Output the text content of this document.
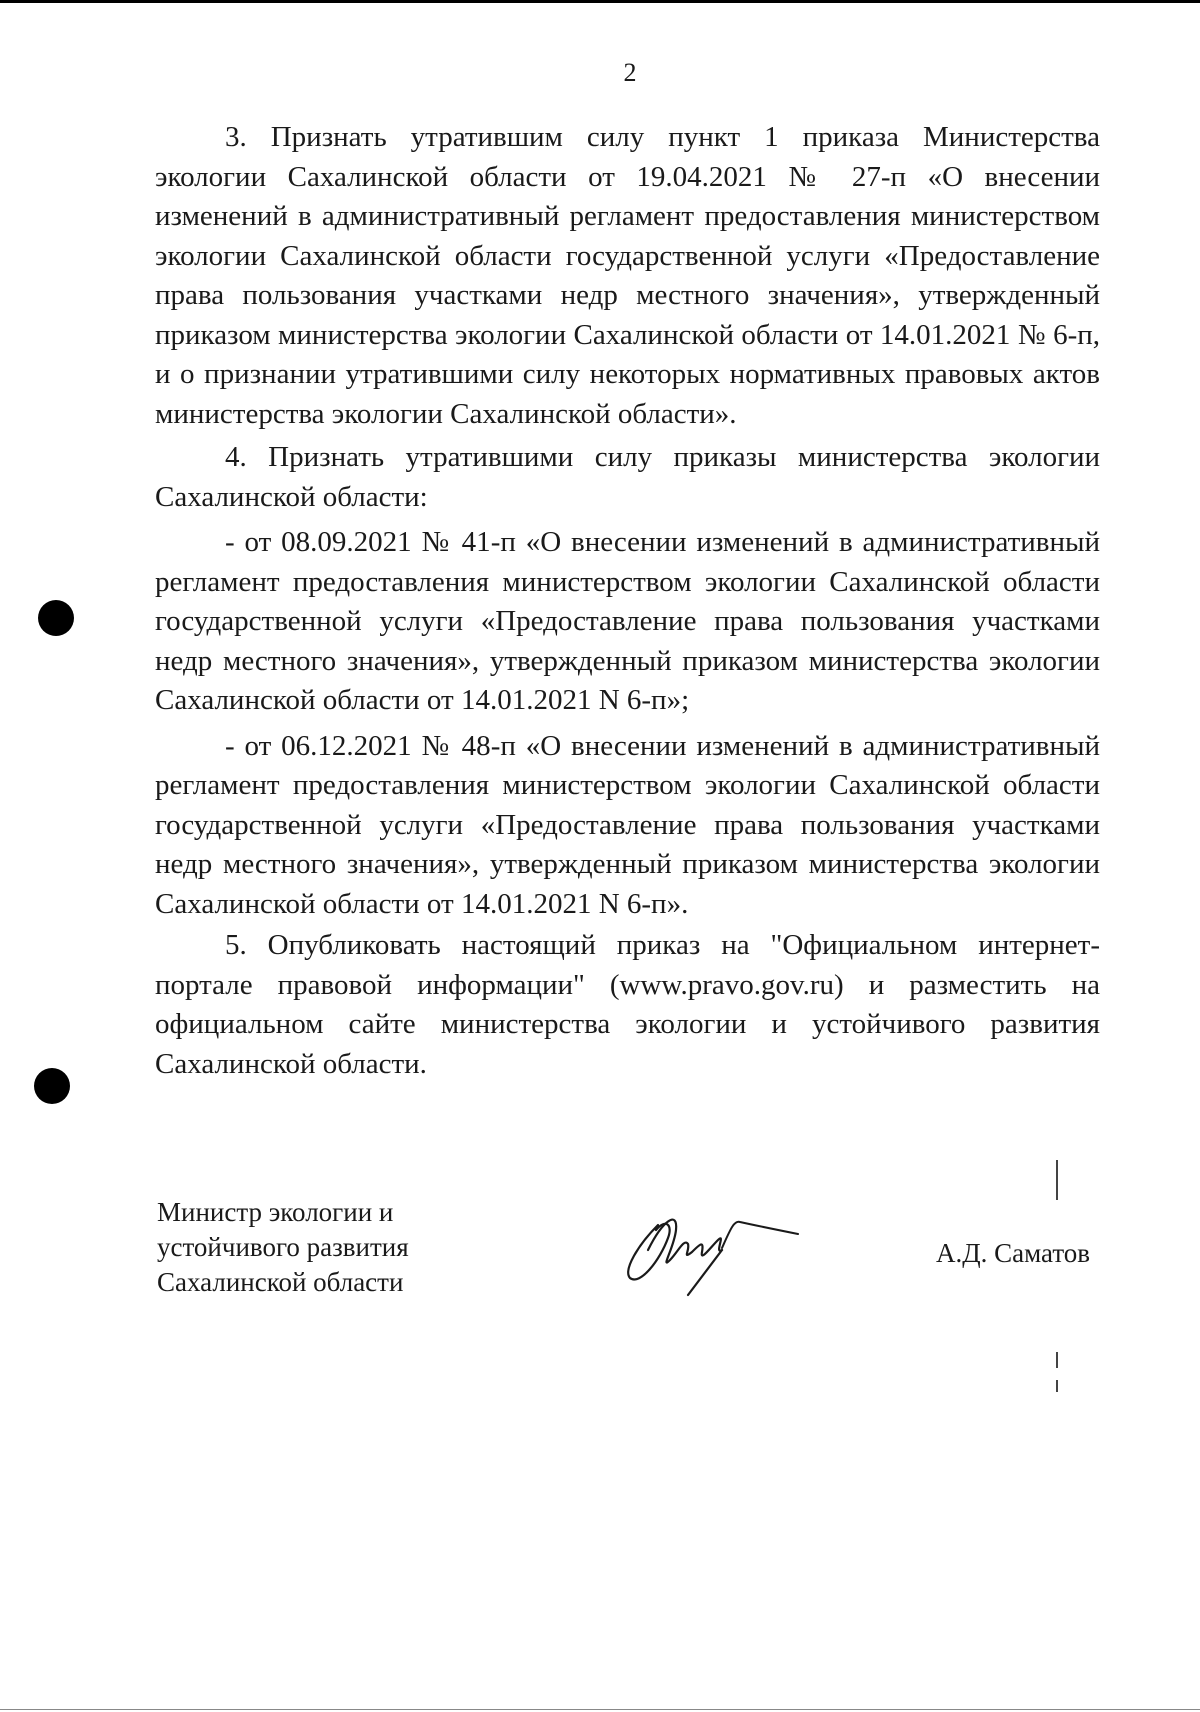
2

3. Признать утратившим силу пункт 1 приказа Министерства экологии Сахалинской области от 19.04.2021 № 27-п «О внесении изменений в административный регламент предоставления министерством экологии Сахалинской области государственной услуги «Предоставление права пользования участками недр местного значения», утвержденный приказом министерства экологии Сахалинской области от 14.01.2021 № 6-п, и о признании утратившими силу некоторых нормативных правовых актов министерства экологии Сахалинской области».

4. Признать утратившими силу приказы министерства экологии Сахалинской области:

- от 08.09.2021 № 41-п «О внесении изменений в административный регламент предоставления министерством экологии Сахалинской области государственной услуги «Предоставление права пользования участками недр местного значения», утвержденный приказом министерства экологии Сахалинской области от 14.01.2021 N 6-п»;

- от 06.12.2021 № 48-п «О внесении изменений в административный регламент предоставления министерством экологии Сахалинской области государственной услуги «Предоставление права пользования участками недр местного значения», утвержденный приказом министерства экологии Сахалинской области от 14.01.2021 N 6-п».

5. Опубликовать настоящий приказ на "Официальном интернет-портале правовой информации" (www.pravo.gov.ru) и разместить на официальном сайте министерства экологии и устойчивого развития Сахалинской области.

Министр экологии и
устойчивого развития
Сахалинской области
А.Д. Саматов
